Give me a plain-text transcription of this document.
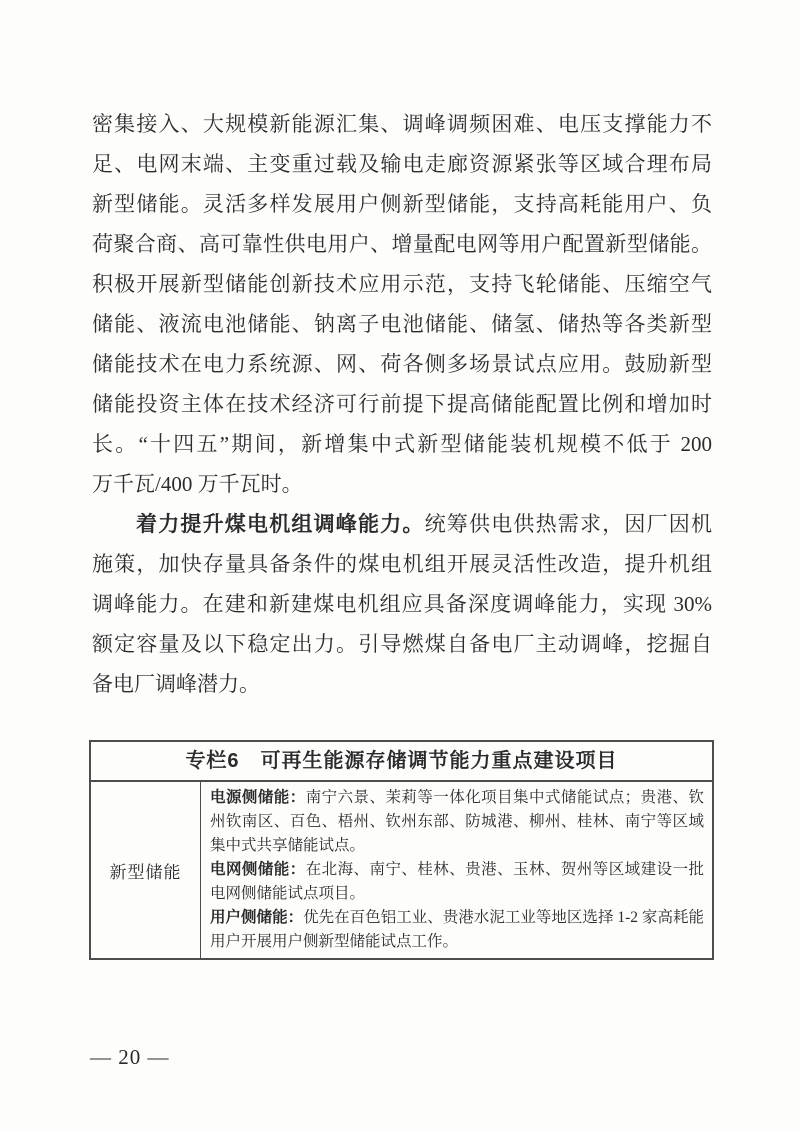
密集接入、大规模新能源汇集、调峰调频困难、电压支撑能力不
足、电网末端、主变重过载及输电走廊资源紧张等区域合理布局
新型储能。灵活多样发展用户侧新型储能，支持高耗能用户、负
荷聚合商、高可靠性供电用户、增量配电网等用户配置新型储能。
积极开展新型储能创新技术应用示范，支持飞轮储能、压缩空气
储能、液流电池储能、钠离子电池储能、储氢、储热等各类新型
储能技术在电力系统源、网、荷各侧多场景试点应用。鼓励新型
储能投资主体在技术经济可行前提下提高储能配置比例和增加时
长。“十四五”期间，新增集中式新型储能装机规模不低于 200
万千瓦/400 万千瓦时。
着力提升煤电机组调峰能力。统筹供电供热需求，因厂因机
施策，加快存量具备条件的煤电机组开展灵活性改造，提升机组
调峰能力。在建和新建煤电机组应具备深度调峰能力，实现 30%
额定容量及以下稳定出力。引导燃煤自备电厂主动调峰，挖掘自
备电厂调峰潜力。
专栏6　可再生能源存储调节能力重点建设项目
新型储能
电源侧储能：南宁六景、茉莉等一体化项目集中式储能试点；贵港、钦州钦南区、百色、梧州、钦州东部、防城港、柳州、桂林、南宁等区域集中式共享储能试点。
电网侧储能：在北海、南宁、桂林、贵港、玉林、贺州等区域建设一批电网侧储能试点项目。
用户侧储能：优先在百色铝工业、贵港水泥工业等地区选择 1-2 家高耗能用户开展用户侧新型储能试点工作。
— 20 —
